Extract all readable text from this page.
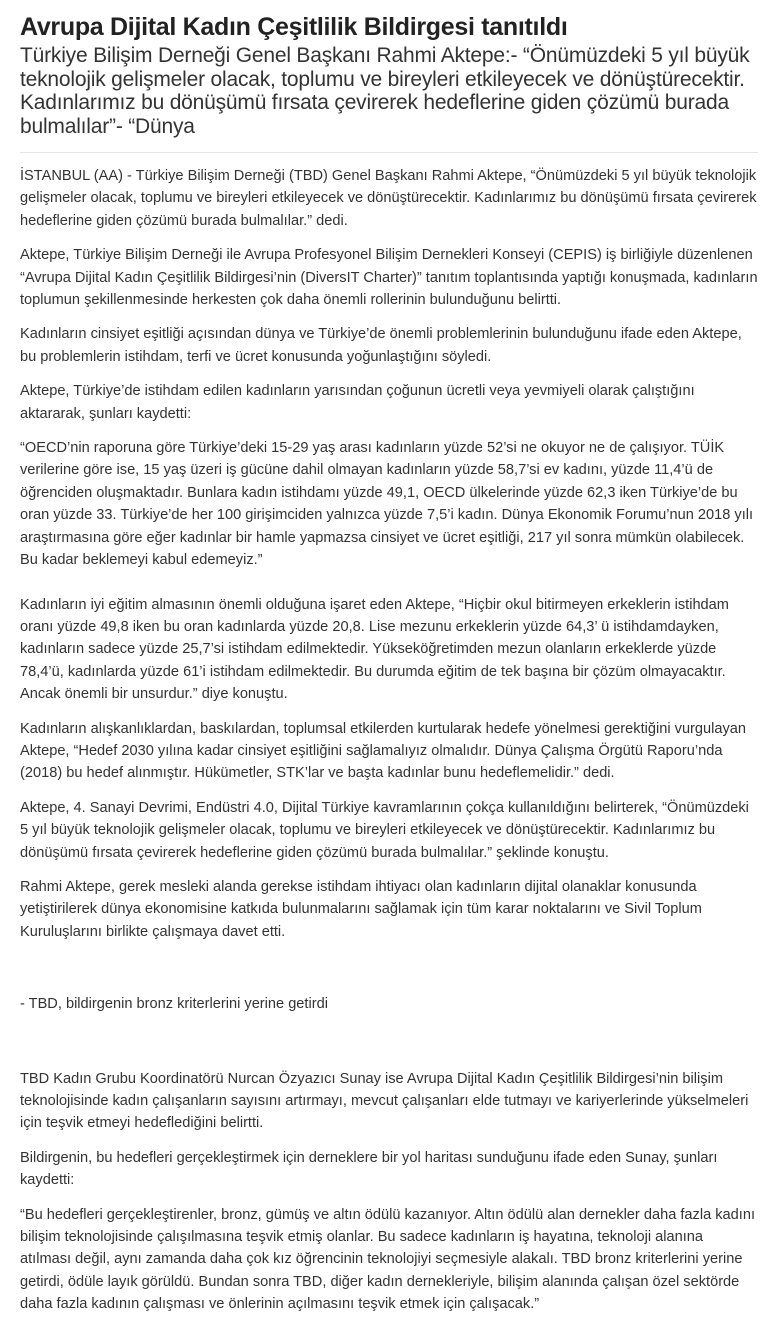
Avrupa Dijital Kadın Çeşitlilik Bildirgesi tanıtıldı
Türkiye Bilişim Derneği Genel Başkanı Rahmi Aktepe:- “Önümüzdeki 5 yıl büyük teknolojik gelişmeler olacak, toplumu ve bireyleri etkileyecek ve dönüştürecektir. Kadınlarımız bu dönüşümü fırsata çevirerek hedeflerine giden çözümü burada bulmalılar”- “Dünya

İSTANBUL (AA) - Türkiye Bilişim Derneği (TBD) Genel Başkanı Rahmi Aktepe, “Önümüzdeki 5 yıl büyük teknolojik gelişmeler olacak, toplumu ve bireyleri etkileyecek ve dönüştürecektir. Kadınlarımız bu dönüşümü fırsata çevirerek hedeflerine giden çözümü burada bulmalılar.” dedi.

Aktepe, Türkiye Bilişim Derneği ile Avrupa Profesyonel Bilişim Dernekleri Konseyi (CEPIS) iş birliğiyle düzenlenen “Avrupa Dijital Kadın Çeşitlilik Bildirgesi’nin (DiversIT Charter)” tanıtım toplantısında yaptığı konuşmada, kadınların toplumun şekillenmesinde herkesten çok daha önemli rollerinin bulunduğunu belirtti.

Kadınların cinsiyet eşitliği açısından dünya ve Türkiye’de önemli problemlerinin bulunduğunu ifade eden Aktepe, bu problemlerin istihdam, terfi ve ücret konusunda yoğunlaştığını söyledi.

Aktepe, Türkiye’de istihdam edilen kadınların yarısından çoğunun ücretli veya yevmiyeli olarak çalıştığını aktararak, şunları kaydetti:

“OECD’nin raporuna göre Türkiye’deki 15-29 yaş arası kadınların yüzde 52’si ne okuyor ne de çalışıyor. TÜİK verilerine göre ise, 15 yaş üzeri iş gücüne dahil olmayan kadınların yüzde 58,7’si ev kadını, yüzde 11,4’ü de öğrenciden oluşmaktadır. Bunlara kadın istihdamı yüzde 49,1, OECD ülkelerinde yüzde 62,3 iken Türkiye’de bu oran yüzde 33. Türkiye’de her 100 girişimciden yalnızca yüzde 7,5’i kadın. Dünya Ekonomik Forumu’nun 2018 yılı araştırmasına göre eğer kadınlar bir hamle yapmazsa cinsiyet ve ücret eşitliği, 217 yıl sonra mümkün olabilecek. Bu kadar beklemeyi kabul edemeyiz.”

Kadınların iyi eğitim almasının önemli olduğuna işaret eden Aktepe, “Hiçbir okul bitirmeyen erkeklerin istihdam oranı yüzde 49,8 iken bu oran kadınlarda yüzde 20,8. Lise mezunu erkeklerin yüzde 64,3’ ü istihdamdayken, kadınların sadece yüzde 25,7’si istihdam edilmektedir. Yükseköğretimden mezun olanların erkeklerde yüzde 78,4’ü, kadınlarda yüzde 61’i istihdam edilmektedir. Bu durumda eğitim de tek başına bir çözüm olmayacaktır. Ancak önemli bir unsurdur.” diye konuştu.

Kadınların alışkanlıklardan, baskılardan, toplumsal etkilerden kurtularak hedefe yönelmesi gerektiğini vurgulayan Aktepe, “Hedef 2030 yılına kadar cinsiyet eşitliğini sağlamalıyız olmalıdır. Dünya Çalışma Örgütü Raporu’nda (2018) bu hedef alınmıştır. Hükümetler, STK’lar ve başta kadınlar bunu hedeflemelidir.” dedi.

Aktepe, 4. Sanayi Devrimi, Endüstri 4.0, Dijital Türkiye kavramlarının çokça kullanıldığını belirterek, “Önümüzdeki 5 yıl büyük teknolojik gelişmeler olacak, toplumu ve bireyleri etkileyecek ve dönüştürecektir. Kadınlarımız bu dönüşümü fırsata çevirerek hedeflerine giden çözümü burada bulmalılar.” şeklinde konuştu.

Rahmi Aktepe, gerek mesleki alanda gerekse istihdam ihtiyacı olan kadınların dijital olanaklar konusunda yetiştirilerek dünya ekonomisine katkıda bulunmalarını sağlamak için tüm karar noktalarını ve Sivil Toplum Kuruluşlarını birlikte çalışmaya davet etti.

- TBD, bildirgenin bronz kriterlerini yerine getirdi

TBD Kadın Grubu Koordinatörü Nurcan Özyazıcı Sunay ise Avrupa Dijital Kadın Çeşitlilik Bildirgesi’nin bilişim teknolojisinde kadın çalışanların sayısını artırmayı, mevcut çalışanları elde tutmayı ve kariyerlerinde yükselmeleri için teşvik etmeyi hedeflediğini belirtti.

Bildirgenin, bu hedefleri gerçekleştirmek için derneklere bir yol haritası sunduğunu ifade eden Sunay, şunları kaydetti:

“Bu hedefleri gerçekleştirenler, bronz, gümüş ve altın ödülü kazanıyor. Altın ödülü alan dernekler daha fazla kadını bilişim teknolojisinde çalışılmasına teşvik etmiş olanlar. Bu sadece kadınların iş hayatına, teknoloji alanına atılması değil, aynı zamanda daha çok kız öğrencinin teknolojiyi seçmesiyle alakalı. TBD bronz kriterlerini yerine getirdi, ödüle layık görüldü. Bundan sonra TBD, diğer kadın dernekleriyle, bilişim alanında çalışan özel sektörde daha fazla kadının çalışması ve önlerinin açılmasını teşvik etmek için çalışacak.”
